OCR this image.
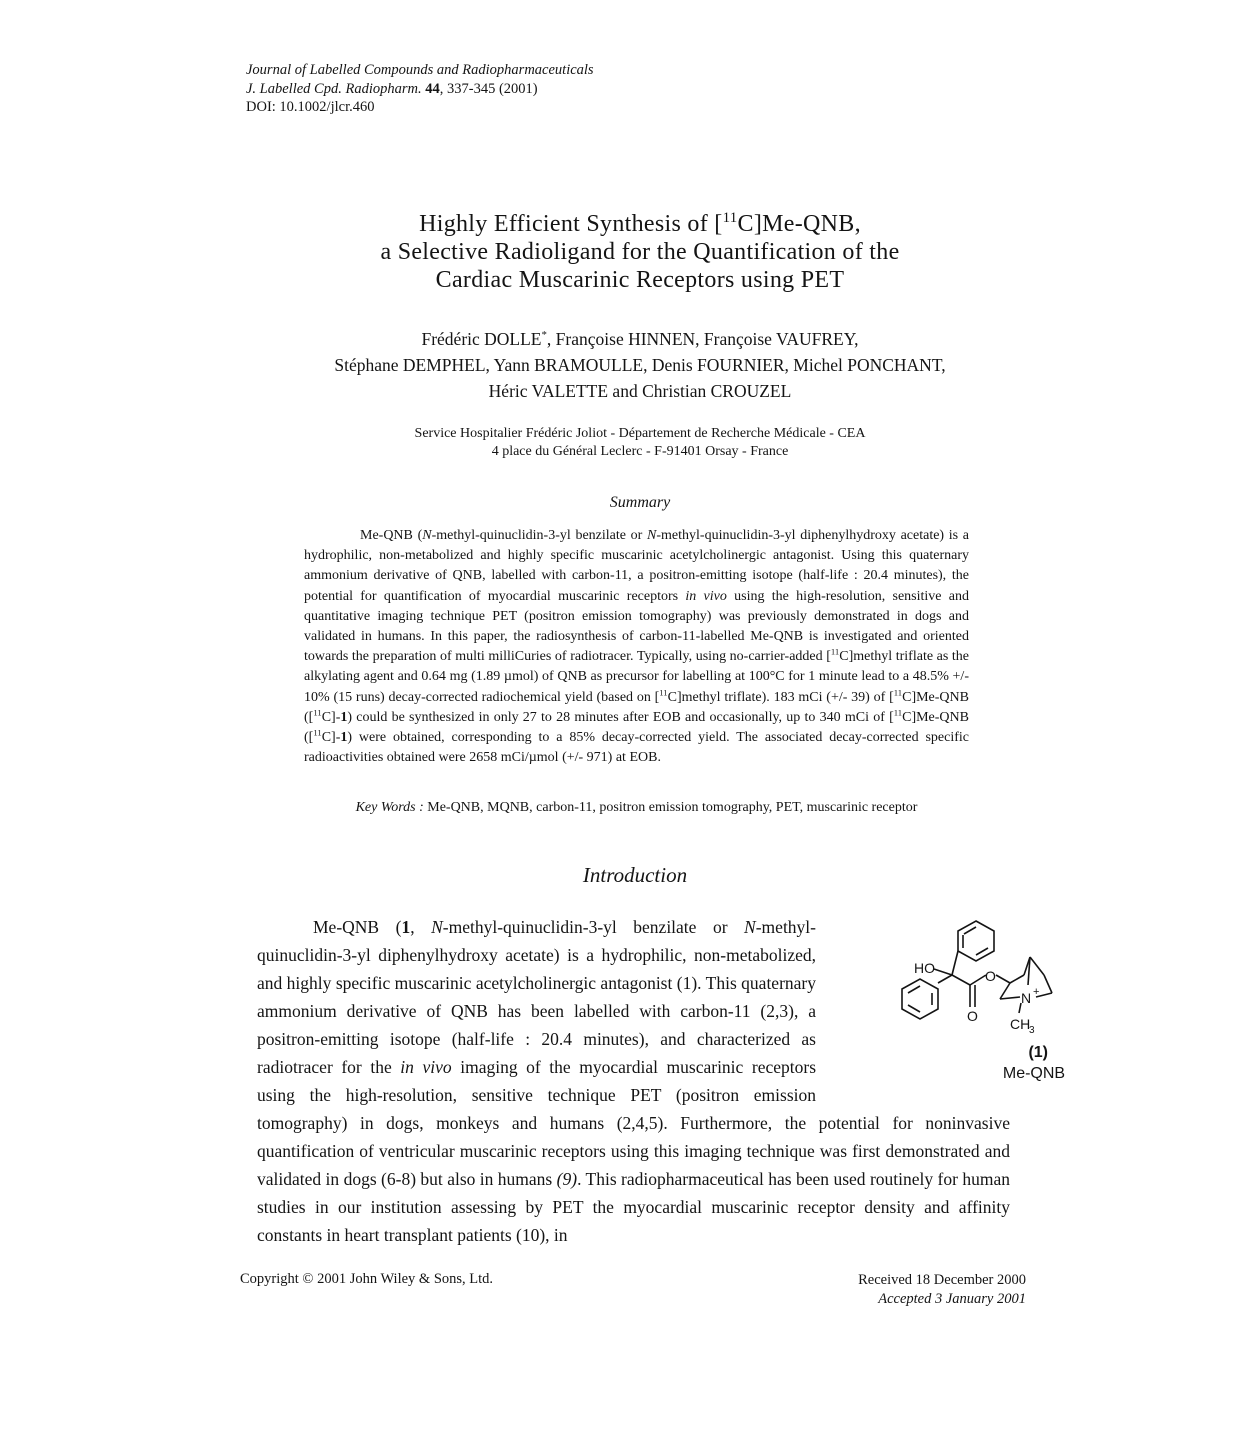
Journal of Labelled Compounds and Radiopharmaceuticals
J. Labelled Cpd. Radiopharm. 44, 337-345 (2001)
DOI: 10.1002/jlcr.460
Highly Efficient Synthesis of [$^{11}$C]Me-QNB,
a Selective Radioligand for the Quantification of the
Cardiac Muscarinic Receptors using PET
Frédéric DOLLE*, Françoise HINNEN, Françoise VAUFREY,
Stéphane DEMPHEL, Yann BRAMOULLE, Denis FOURNIER, Michel PONCHANT,
Héric VALETTE and Christian CROUZEL
Service Hospitalier Frédéric Joliot - Département de Recherche Médicale - CEA
4 place du Général Leclerc - F-91401 Orsay - France
Summary

Me-QNB (N-methyl-quinuclidin-3-yl benzilate or N-methyl-quinuclidin-3-yl diphenylhydroxy acetate) is a hydrophilic, non-metabolized and highly specific muscarinic acetylcholinergic antagonist. Using this quaternary ammonium derivative of QNB, labelled with carbon-11, a positron-emitting isotope (half-life : 20.4 minutes), the potential for quantification of myocardial muscarinic receptors in vivo using the high-resolution, sensitive and quantitative imaging technique PET (positron emission tomography) was previously demonstrated in dogs and validated in humans. In this paper, the radiosynthesis of carbon-11-labelled Me-QNB is investigated and oriented towards the preparation of multi milliCuries of radiotracer. Typically, using no-carrier-added [$^{11}$C]methyl triflate as the alkylating agent and 0.64 mg (1.89 µmol) of QNB as precursor for labelling at 100°C for 1 minute lead to a 48.5% +/- 10% (15 runs) decay-corrected radiochemical yield (based on [$^{11}$C]methyl triflate). 183 mCi (+/- 39) of [$^{11}$C]Me-QNB ([$^{11}$C]-1) could be synthesized in only 27 to 28 minutes after EOB and occasionally, up to 340 mCi of [$^{11}$C]Me-QNB ([$^{11}$C]-1) were obtained, corresponding to a 85% decay-corrected yield. The associated decay-corrected specific radioactivities obtained were 2658 mCi/µmol (+/- 971) at EOB.

Key Words : Me-QNB, MQNB, carbon-11, positron emission tomography, PET, muscarinic receptor
Introduction

Me-QNB (1, N-methyl-quinuclidin-3-yl benzilate or N
HO	O
O
N +
CH
3
(1)
Me-QNB
-methyl-quinuclidin-3-yl diphenylhydroxy acetate) is a hydrophilic, non-metabolized, and highly specific muscarinic acetylcholinergic antagonist (1). This quaternary ammonium derivative of QNB has been labelled with carbon-11 (2,3), a positron-emitting isotope (half-life : 20.4 minutes), and characterized as radiotracer for the in vivo imaging of the myocardial muscarinic receptors using the high-resolution, sensitive technique PET (positron emission tomography) in dogs, monkeys and humans (2,4,5). Furthermore, the potential for noninvasive quantification of ventricular muscarinic receptors using this imaging technique was first demonstrated and validated in dogs (6-8) but also in humans (9). This radiopharmaceutical has been used routinely for human studies in our institution assessing by PET the myocardial muscarinic receptor density and affinity constants in heart transplant patients (10), in

Copyright © 2001 John Wiley & Sons, Ltd.	Received 18 December 2000
Accepted 3 January 2001
